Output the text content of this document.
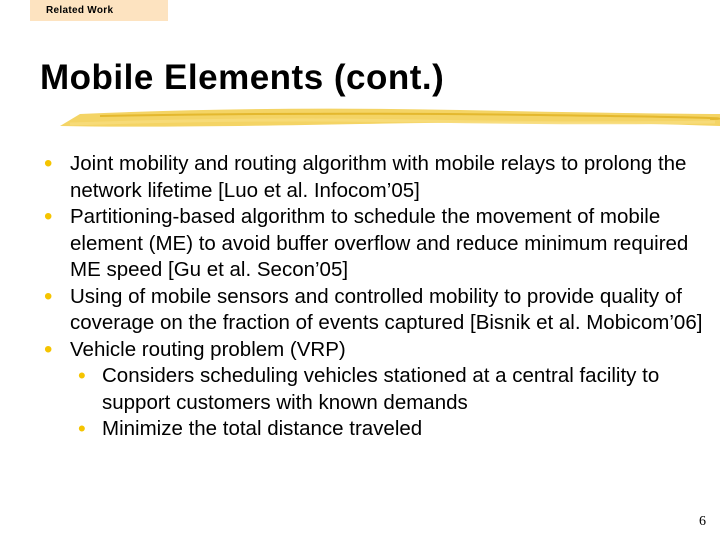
Related Work
Mobile Elements (cont.)
• Joint mobility and routing algorithm with mobile relays to prolong the network lifetime [Luo et al. Infocom’05]
• Partitioning-based algorithm to schedule the movement of mobile element (ME) to avoid buffer overflow and reduce minimum required ME speed [Gu et al. Secon’05]
• Using of mobile sensors and controlled mobility to provide quality of coverage on the fraction of events captured [Bisnik et al. Mobicom’06]
• Vehicle routing problem (VRP)
• Considers scheduling vehicles stationed at a central facility to support customers with known demands
• Minimize the total distance traveled
6
